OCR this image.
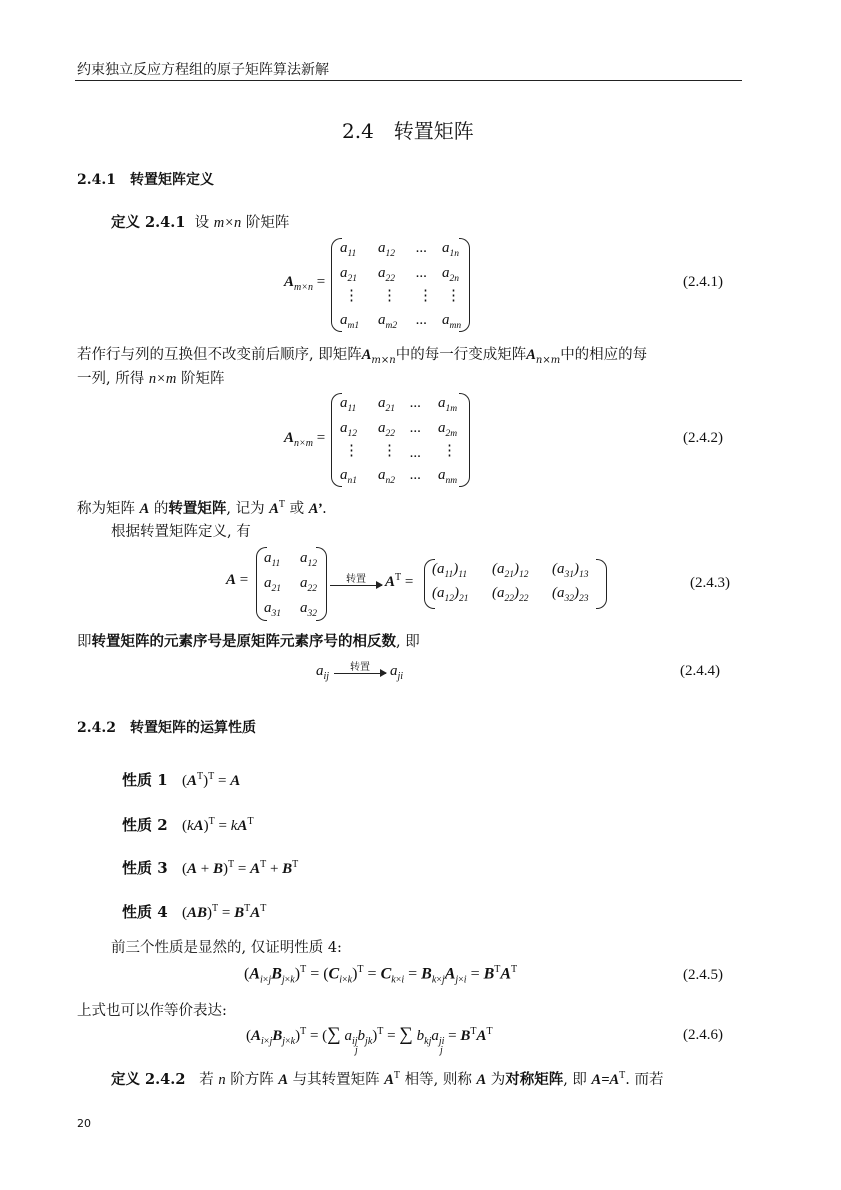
约束独立反应方程组的原子矩阵算法新解
2.4　转置矩阵
2.4.1　转置矩阵定义
定义 2.4.1 设 m×n 阶矩阵
$A_{m\times n}$ =
$a_{11}$ $a_{12}$ ... $a_{1n}$
$a_{21}$ $a_{22}$ ... $a_{2n}$
⋮ ⋮ ⋮ ⋮
$a_{m1}$ $a_{m2}$ ... $a_{mn}$
(2.4.1)
若作行与列的互换但不改变前后顺序, 即矩阵$A_{m\times n}$中的每一行变成矩阵$A_{n\times m}$中的相应的每
一列, 所得 n×m 阶矩阵
$A_{n\times m}$ =
$a_{11}$ $a_{21}$ ... $a_{1m}$
$a_{12}$ $a_{22}$ ... $a_{2m}$
⋮ ⋮ ... ⋮
$a_{n1}$ $a_{n2}$ ... $a_{nm}$
(2.4.2)
称为矩阵 A 的转置矩阵, 记为 $A^T$ 或 A’.
根据转置矩阵定义, 有
A =
$a_{11}$ $a_{12}$
$a_{21}$ $a_{22}$
$a_{31}$ $a_{32}$
转置 $A^T$ =
$(a_{11})_{11}$ $(a_{21})_{12}$ $(a_{31})_{13}$
$(a_{12})_{21}$ $(a_{22})_{22}$ $(a_{32})_{23}$
(2.4.3)
即转置矩阵的元素序号是原矩阵元素序号的相反数, 即
$a_{ij}$
转置 $a_{ji}$	(2.4.4)
2.4.2　转置矩阵的运算性质
性质 1 $(A^T)^T = A$
性质 2 $(kA)^T = kA^T$
性质 3 $(A + B)^T = A^T + B^T$
性质 4 $(AB)^T = B^TA^T$
前三个性质是显然的, 仅证明性质 4:
$(A_{i\times j}B_{j\times k})^T = (C_{i\times k})^T = C_{k\times i} = B_{k\times j}A_{j\times i} = B^TA^T$	(2.4.5)
上式也可以作等价表达:
$(A_{i\times j}B_{j\times k})^T$ = (∑ $a_{ij}b_{jk})^T$ = ∑ $b_{kj}a_{ji} = B^TA^T$
j	j
(2.4.6)
定义 2.4.2 若 n 阶方阵 A 与其转置矩阵 $A^T$ 相等, 则称 A 为对称矩阵, 即 $A=A^T$. 而若
20
